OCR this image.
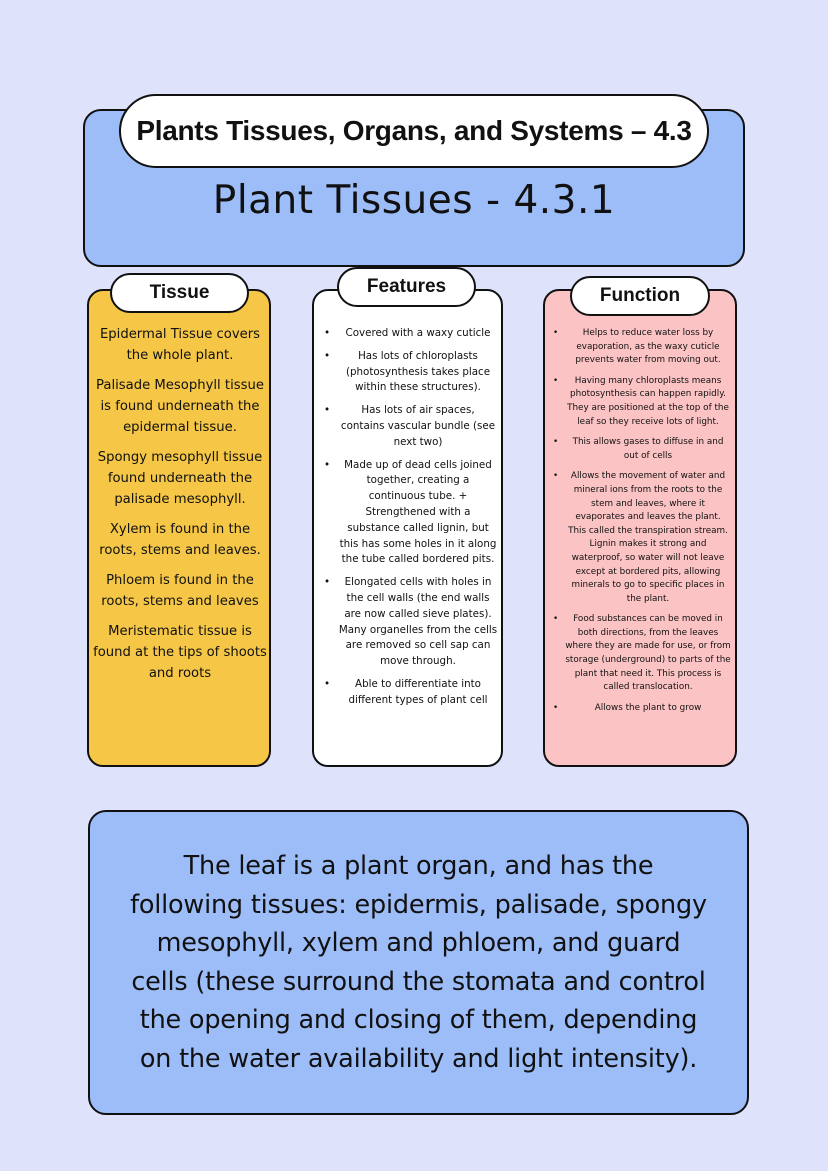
Plants Tissues, Organs, and Systems – 4.3
Plant Tissues - 4.3.1
Tissue	Features	Function
Epidermal Tissue covers the whole plant.
Palisade Mesophyll tissue is found underneath the epidermal tissue.
Spongy mesophyll tissue found underneath the palisade mesophyll.
Xylem is found in the roots, stems and leaves.
Phloem is found in the roots, stems and leaves
Meristematic tissue is found at the tips of shoots and roots
• Covered with a waxy cuticle
• Has lots of chloroplasts (photosynthesis takes place within these structures).
• Has lots of air spaces, contains vascular bundle (see next two)
• Made up of dead cells joined together, creating a continuous tube. + Strengthened with a substance called lignin, but this has some holes in it along the tube called bordered pits.
• Elongated cells with holes in the cell walls (the end walls are now called sieve plates). Many organelles from the cells are removed so cell sap can move through.
• Able to differentiate into different types of plant cell
• Helps to reduce water loss by evaporation, as the waxy cuticle prevents water from moving out.
• Having many chloroplasts means photosynthesis can happen rapidly. They are positioned at the top of the leaf so they receive lots of light.
• This allows gases to diffuse in and out of cells
• Allows the movement of water and mineral ions from the roots to the stem and leaves, where it evaporates and leaves the plant. This called the transpiration stream. Lignin makes it strong and waterproof, so water will not leave except at bordered pits, allowing minerals to go to specific places in the plant.
• Food substances can be moved in both directions, from the leaves where they are made for use, or from storage (underground) to parts of the plant that need it. This process is called translocation.
• Allows the plant to grow
The leaf is a plant organ, and has the following tissues: epidermis, palisade, spongy mesophyll, xylem and phloem, and guard cells (these surround the stomata and control the opening and closing of them, depending on the water availability and light intensity).
